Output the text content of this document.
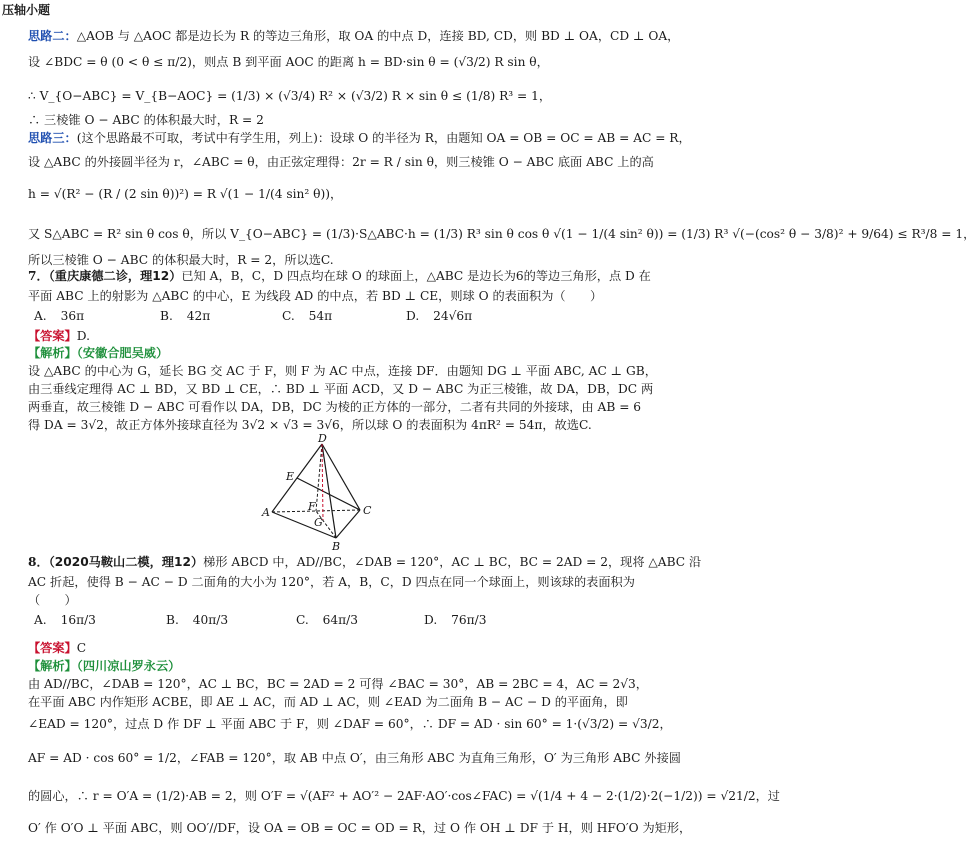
压轴小题
思路二：△AOB 与 △AOC 都是边长为 R 的等边三角形，取 OA 的中点 D，连接 BD, CD，则 BD ⊥ OA，CD ⊥ OA，
设 ∠BDC = θ (0 < θ ≤ π/2)，则点 B 到平面 AOC 的距离 h = BD·sin θ = (√3/2) R sin θ，
∴ V_{O−ABC} = V_{B−AOC} = (1/3) × (√3/4) R² × (√3/2) R × sin θ ≤ (1/8) R³ = 1，
∴ 三棱锥 O − ABC 的体积最大时，R = 2
思路三：(这个思路最不可取，考试中有学生用，列上)：设球 O 的半径为 R，由题知 OA = OB = OC = AB = AC = R，
设 △ABC 的外接圆半径为 r，∠ABC = θ，由正弦定理得：2r = R / sin θ，则三棱锥 O − ABC 底面 ABC 上的高
h = √(R² − (R / (2 sin θ))²) = R √(1 − 1/(4 sin² θ))，
又 S△ABC = R² sin θ cos θ，所以 V_{O−ABC} = (1/3)·S△ABC·h = (1/3) R³ sin θ cos θ √(1 − 1/(4 sin² θ)) = (1/3) R³ √(−(cos² θ − 3/8)² + 9/64) ≤ R³/8 = 1，
所以三棱锥 O − ABC 的体积最大时，R = 2，所以选C.
7．（重庆康德二诊，理12）已知 A，B，C，D 四点均在球 O 的球面上，△ABC 是边长为6的等边三角形，点 D 在
平面 ABC 上的射影为 △ABC 的中心，E 为线段 AD 的中点，若 BD ⊥ CE，则球 O 的表面积为（　　）
【答案】D.
【解析】（安徽合肥吴威）
设 △ABC 的中心为 G，延长 BG 交 AC 于 F，则 F 为 AC 中点，连接 DF．由题知 DG ⊥ 平面 ABC, AC ⊥ GB，
由三垂线定理得 AC ⊥ BD，又 BD ⊥ CE，∴ BD ⊥ 平面 ACD，又 D − ABC 为正三棱锥，故 DA，DB，DC 两
两垂直，故三棱锥 D − ABC 可看作以 DA，DB，DC 为棱的正方体的一部分，二者有共同的外接球，由 AB = 6
得 DA = 3√2，故正方体外接球直径为 3√2 × √3 = 3√6，所以球 O 的表面积为 4πR² = 54π，故选C.
8．（2020马鞍山二模，理12）梯形 ABCD 中，AD//BC，∠DAB = 120°，AC ⊥ BC，BC = 2AD = 2，现将 △ABC 沿
AC 折起，使得 B − AC − D 二面角的大小为 120°，若 A，B，C，D 四点在同一个球面上，则该球的表面积为
（　　）
【答案】C
【解析】（四川凉山罗永云）
由 AD//BC，∠DAB = 120°，AC ⊥ BC，BC = 2AD = 2 可得 ∠BAC = 30°，AB = 2BC = 4，AC = 2√3，
在平面 ABC 内作矩形 ACBE，即 AE ⊥ AC，而 AD ⊥ AC，则 ∠EAD 为二面角 B − AC − D 的平面角，即
∠EAD = 120°，过点 D 作 DF ⊥ 平面 ABC 于 F，则 ∠DAF = 60°，∴ DF = AD · sin 60° = 1·(√3/2) = √3/2，
AF = AD · cos 60° = 1/2，∠FAB = 120°，取 AB 中点 O′，由三角形 ABC 为直角三角形，O′ 为三角形 ABC 外接圆
的圆心，∴ r = O′A = (1/2)·AB = 2，则 O′F = √(AF² + AO′² − 2AF·AO′·cos∠FAC) = √(1/4 + 4 − 2·(1/2)·2(−1/2)) = √21/2，过
O′ 作 O′O ⊥ 平面 ABC，则 OO′//DF，设 OA = OB = OC = OD = R，过 O 作 OH ⊥ DF 于 H，则 HFO′O 为矩形，
A. 36π	B. 42π	C. 54π	D. 24√6π
A. 16π/3	B. 40π/3	C. 64π/3	D. 76π/3
D
E
A	F	C
G
B
